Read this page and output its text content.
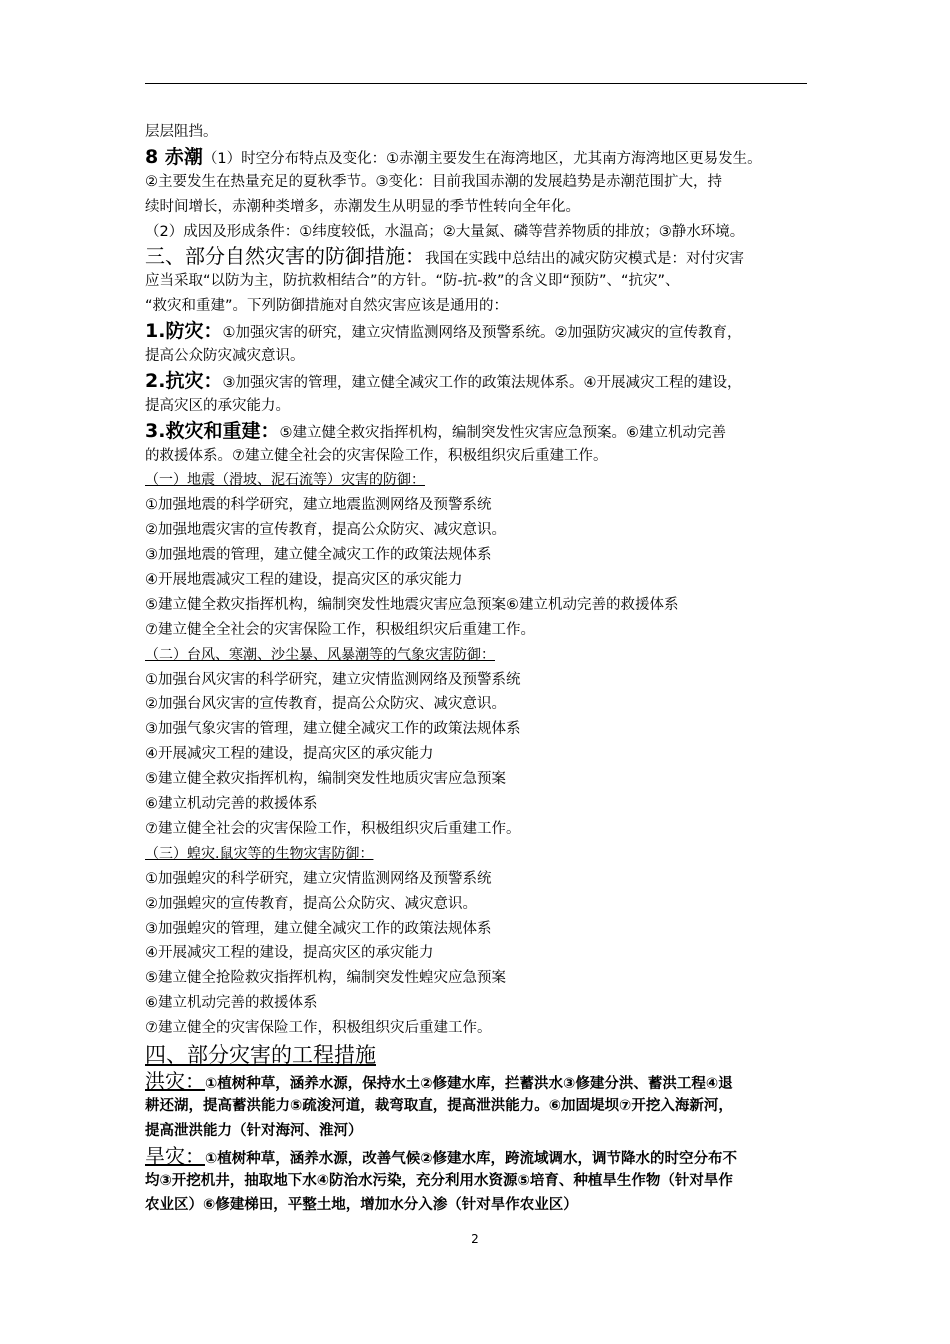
层层阻挡。
8 赤潮（1）时空分布特点及变化：①赤潮主要发生在海湾地区，尤其南方海湾地区更易发生。
②主要发生在热量充足的夏秋季节。③变化：目前我国赤潮的发展趋势是赤潮范围扩大，持
续时间增长，赤潮种类增多，赤潮发生从明显的季节性转向全年化。
（2）成因及形成条件：①纬度较低，水温高；②大量氮、磷等营养物质的排放；③静水环境。
三、部分自然灾害的防御措施：我国在实践中总结出的减灾防灾模式是：对付灾害
应当采取“以防为主，防抗救相结合”的方针。“防-抗-救”的含义即“预防”、“抗灾”、
“救灾和重建”。下列防御措施对自然灾害应该是通用的：
1.防灾：①加强灾害的研究，建立灾情监测网络及预警系统。②加强防灾减灾的宣传教育，
提高公众防灾减灾意识。
2.抗灾：③加强灾害的管理，建立健全减灾工作的政策法规体系。④开展减灾工程的建设，
提高灾区的承灾能力。
3.救灾和重建：⑤建立健全救灾指挥机构，编制突发性灾害应急预案。⑥建立机动完善
的救援体系。⑦建立健全社会的灾害保险工作，积极组织灾后重建工作。
（一）地震（滑坡、泥石流等）灾害的防御：
①加强地震的科学研究，建立地震监测网络及预警系统
②加强地震灾害的宣传教育，提高公众防灾、减灾意识。
③加强地震的管理，建立健全减灾工作的政策法规体系
④开展地震减灾工程的建设，提高灾区的承灾能力
⑤建立健全救灾指挥机构，编制突发性地震灾害应急预案⑥建立机动完善的救援体系
⑦建立健全全社会的灾害保险工作，积极组织灾后重建工作。
（二）台风、寒潮、沙尘暴、风暴潮等的气象灾害防御：
①加强台风灾害的科学研究，建立灾情监测网络及预警系统
②加强台风灾害的宣传教育，提高公众防灾、减灾意识。
③加强气象灾害的管理，建立健全减灾工作的政策法规体系
④开展减灾工程的建设，提高灾区的承灾能力
⑤建立健全救灾指挥机构，编制突发性地质灾害应急预案
⑥建立机动完善的救援体系
⑦建立健全社会的灾害保险工作，积极组织灾后重建工作。
（三）蝗灾.鼠灾等的生物灾害防御：
①加强蝗灾的科学研究，建立灾情监测网络及预警系统
②加强蝗灾的宣传教育，提高公众防灾、减灾意识。
③加强蝗灾的管理，建立健全减灾工作的政策法规体系
④开展减灾工程的建设，提高灾区的承灾能力
⑤建立健全抢险救灾指挥机构，编制突发性蝗灾应急预案
⑥建立机动完善的救援体系
⑦建立健全的灾害保险工作，积极组织灾后重建工作。
四、部分灾害的工程措施
洪灾：①植树种草，涵养水源，保持水土②修建水库，拦蓄洪水③修建分洪、蓄洪工程④退
耕还湖，提高蓄洪能力⑤疏浚河道，裁弯取直，提高泄洪能力。⑥加固堤坝⑦开挖入海新河，
提高泄洪能力（针对海河、淮河）
旱灾：①植树种草，涵养水源，改善气候②修建水库，跨流域调水，调节降水的时空分布不
均③开挖机井，抽取地下水④防治水污染，充分利用水资源⑤培育、种植旱生作物（针对旱作
农业区）⑥修建梯田，平整土地，增加水分入渗（针对旱作农业区）
2
